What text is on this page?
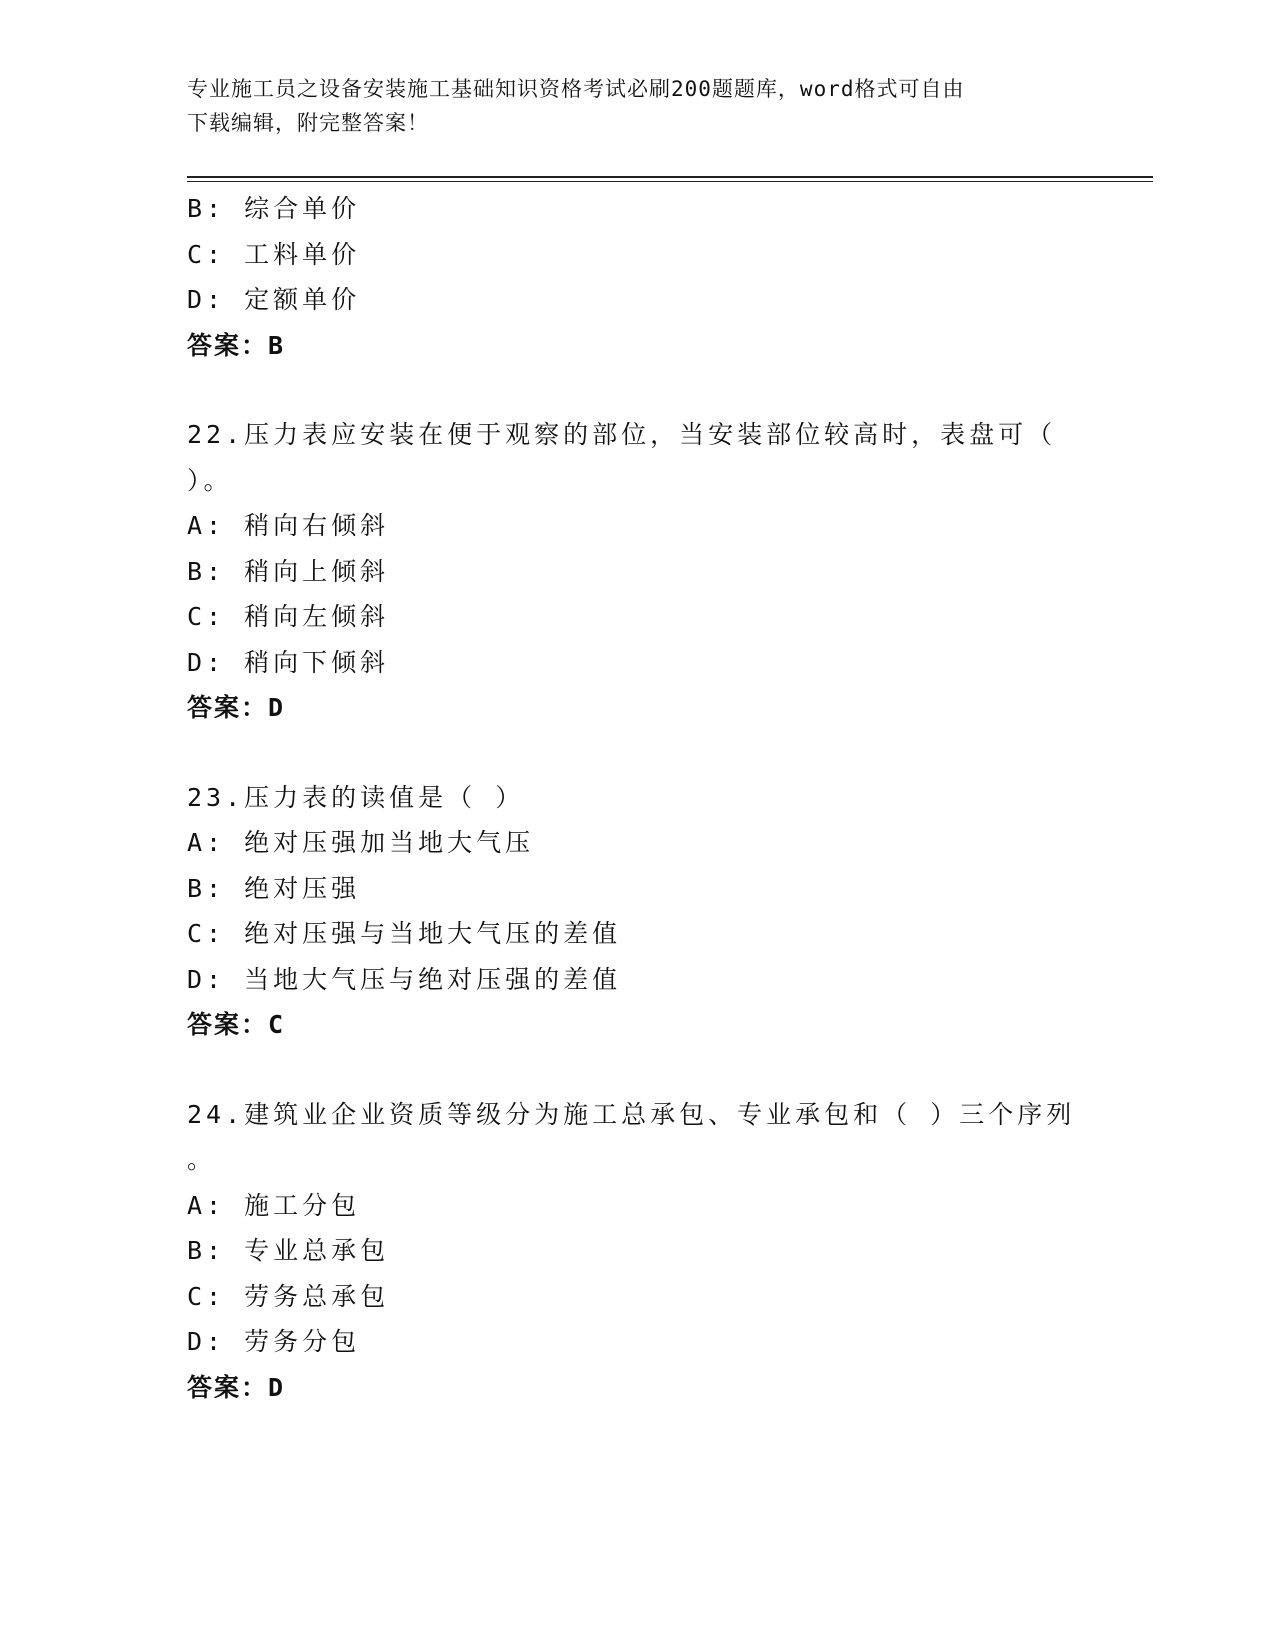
专业施工员之设备安装施工基础知识资格考试必刷200题题库，word格式可自由
下载编辑，附完整答案！
B: 综合单价
C: 工料单价
D: 定额单价
答案：B
22.压力表应安装在便于观察的部位，当安装部位较高时，表盘可（
）。
A: 稍向右倾斜
B: 稍向上倾斜
C: 稍向左倾斜
D: 稍向下倾斜
答案：D
23.压力表的读值是（ ）
A: 绝对压强加当地大气压
B: 绝对压强
C: 绝对压强与当地大气压的差值
D: 当地大气压与绝对压强的差值
答案：C
24.建筑业企业资质等级分为施工总承包、专业承包和（ ）三个序列
。
A: 施工分包
B: 专业总承包
C: 劳务总承包
D: 劳务分包
答案：D
